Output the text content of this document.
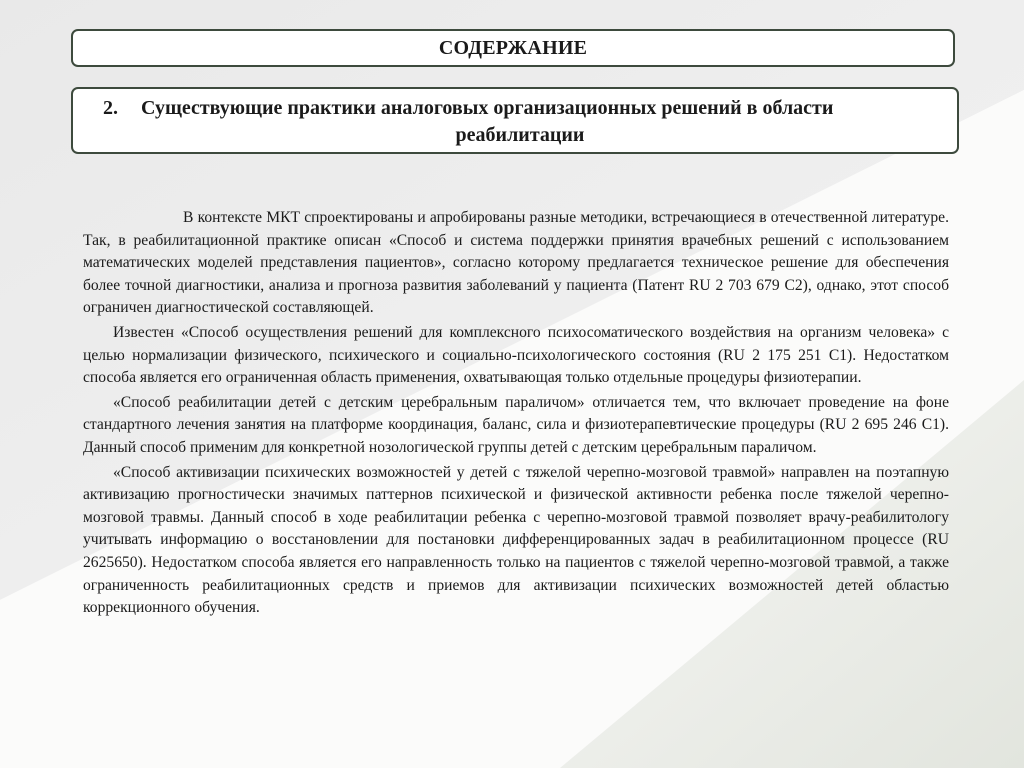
СОДЕРЖАНИЕ
2.	Существующие практики аналоговых организационных решений в области
реабилитации

В контексте МКТ спроектированы и апробированы разные методики, встречающиеся в отечественной литературе. Так, в реабилитационной практике описан «Способ и система поддержки принятия врачебных решений с использованием математических моделей представления пациентов», согласно которому предлагается техническое решение для обеспечения более точной диагностики, анализа и прогноза развития заболеваний у пациента (Патент RU 2 703 679 C2), однако, этот способ ограничен диагностической составляющей.

Известен «Способ осуществления решений для комплексного психосоматического воздействия на организм человека» с целью нормализации физического, психического и социально-психологического состояния (RU 2 175 251 C1). Недостатком способа является его ограниченная область применения, охватывающая только отдельные процедуры физиотерапии.

«Способ реабилитации детей с детским церебральным параличом» отличается тем, что включает проведение на фоне стандартного лечения занятия на платформе координация, баланс, сила и физиотерапевтические процедуры (RU 2 695 246 C1). Данный способ применим для конкретной нозологической группы детей с детским церебральным параличом.

«Способ активизации психических возможностей у детей с тяжелой черепно-мозговой травмой» направлен на поэтапную активизацию прогностически значимых паттернов психической и физической активности ребенка после тяжелой черепно-мозговой травмы. Данный способ в ходе реабилитации ребенка с черепно-мозговой травмой позволяет врачу-реабилитологу учитывать информацию о восстановлении для постановки дифференцированных задач в реабилитационном процессе (RU 2625650). Недостатком способа является его направленность только на пациентов с тяжелой черепно-мозговой травмой, а также ограниченность реабилитационных средств и приемов для активизации психических возможностей детей областью коррекционного обучения.
